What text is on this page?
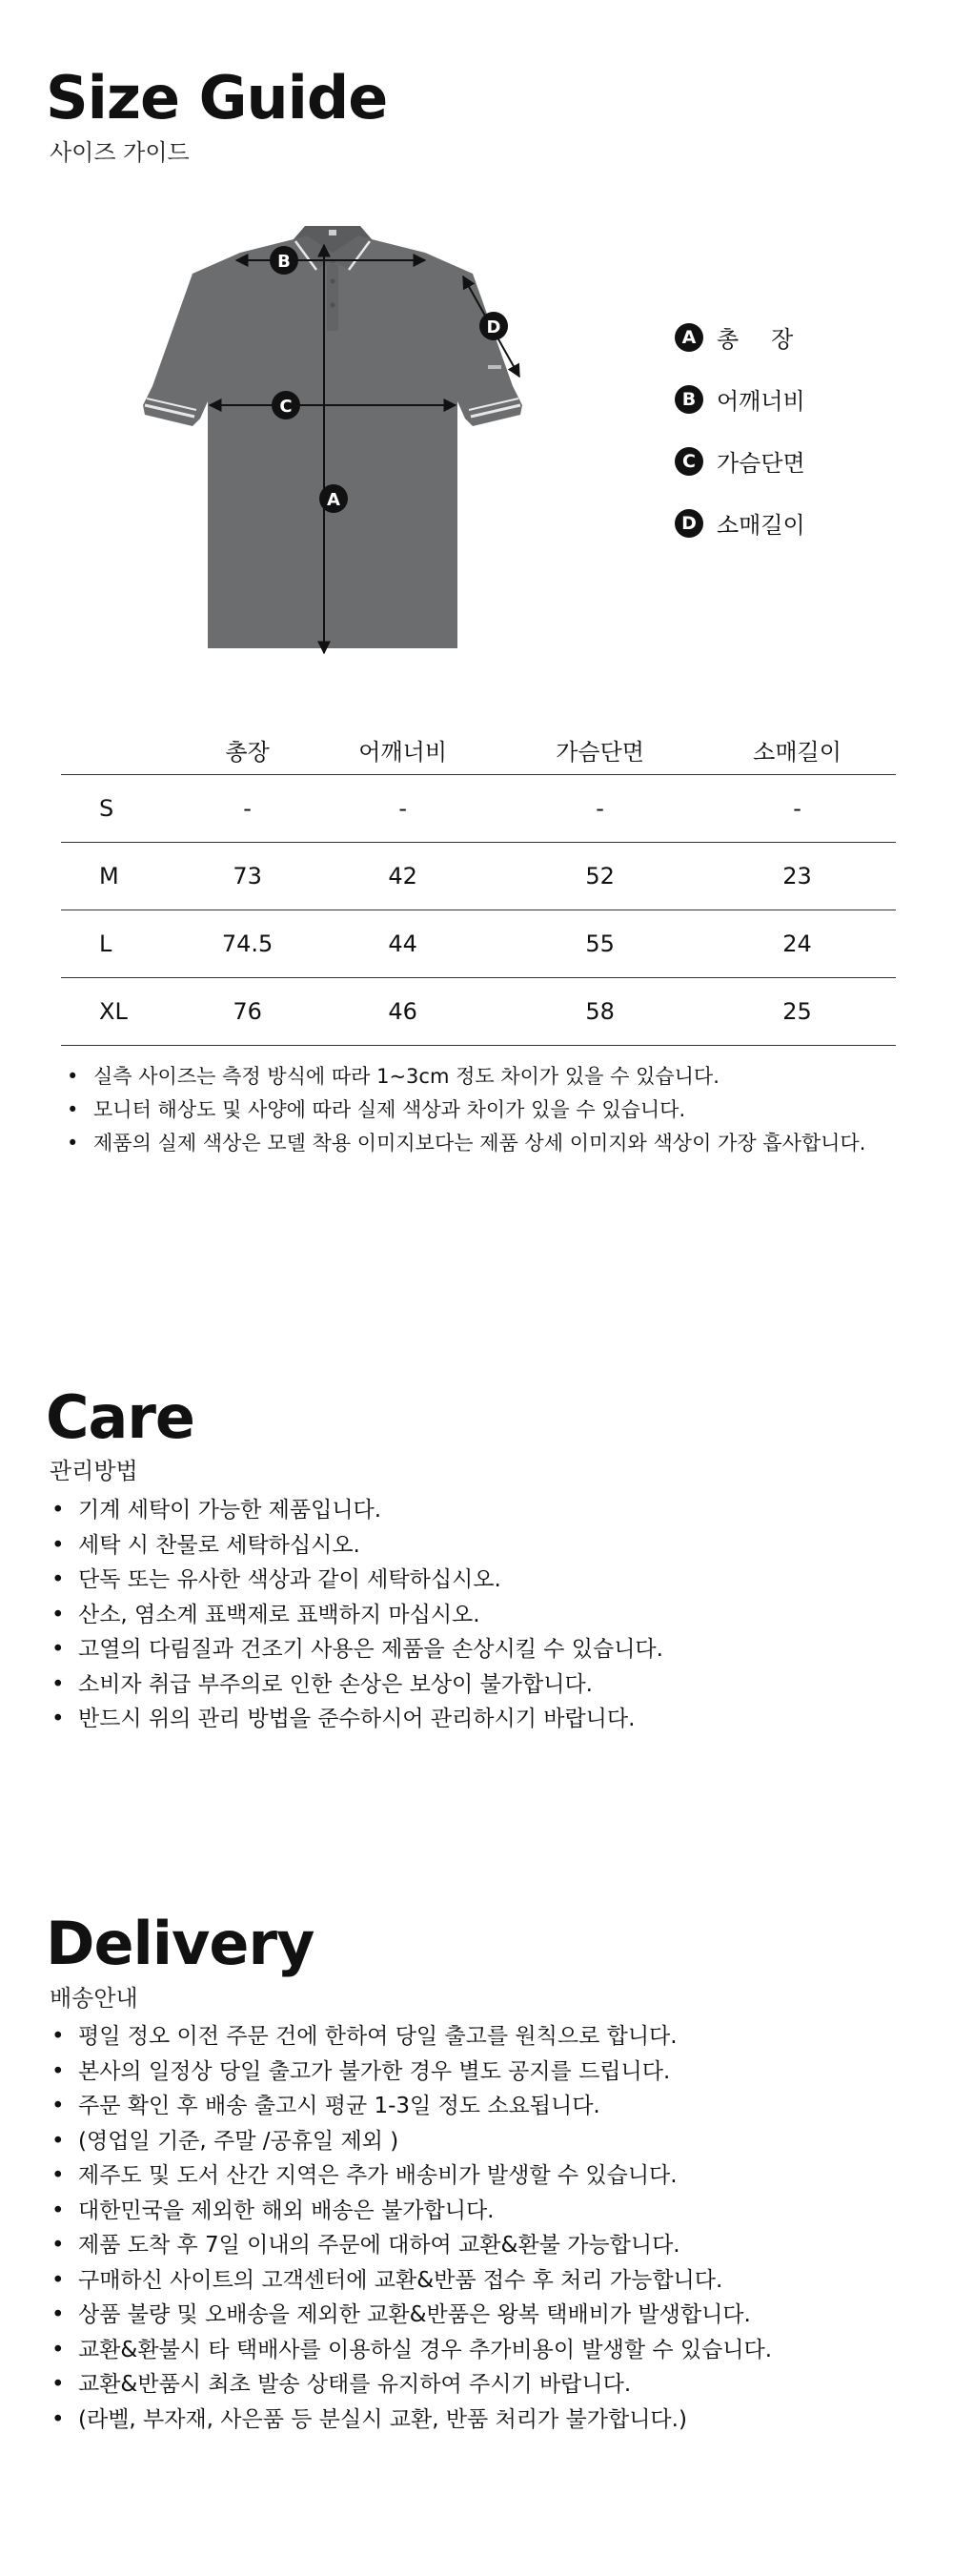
Size Guide
사이즈 가이드
A
B
C
D	A 총장
B 어깨너비
C 가슴단면
D 소매길이
	총장	어깨너비	가슴단면	소매길이
S	-	-	-	-
M	73	42	52	23
L	74.5	44	55	24
XL	76	46	58	25
• 실측 사이즈는 측정 방식에 따라 1~3cm 정도 차이가 있을 수 있습니다.
• 모니터 해상도 및 사양에 따라 실제 색상과 차이가 있을 수 있습니다.
• 제품의 실제 색상은 모델 착용 이미지보다는 제품 상세 이미지와 색상이 가장 흡사합니다.
Care
관리방법
• 기계 세탁이 가능한 제품입니다.
• 세탁 시 찬물로 세탁하십시오.
• 단독 또는 유사한 색상과 같이 세탁하십시오.
• 산소, 염소계 표백제로 표백하지 마십시오.
• 고열의 다림질과 건조기 사용은 제품을 손상시킬 수 있습니다.
• 소비자 취급 부주의로 인한 손상은 보상이 불가합니다.
• 반드시 위의 관리 방법을 준수하시어 관리하시기 바랍니다.
Delivery
배송안내
• 평일 정오 이전 주문 건에 한하여 당일 출고를 원칙으로 합니다.
• 본사의 일정상 당일 출고가 불가한 경우 별도 공지를 드립니다.
• 주문 확인 후 배송 출고시 평균 1-3일 정도 소요됩니다.
• (영업일 기준, 주말 /공휴일 제외 )
• 제주도 및 도서 산간 지역은 추가 배송비가 발생할 수 있습니다.
• 대한민국을 제외한 해외 배송은 불가합니다.
• 제품 도착 후 7일 이내의 주문에 대하여 교환&환불 가능합니다.
• 구매하신 사이트의 고객센터에 교환&반품 접수 후 처리 가능합니다.
• 상품 불량 및 오배송을 제외한 교환&반품은 왕복 택배비가 발생합니다.
• 교환&환불시 타 택배사를 이용하실 경우 추가비용이 발생할 수 있습니다.
• 교환&반품시 최초 발송 상태를 유지하여 주시기 바랍니다.
• (라벨, 부자재, 사은품 등 분실시 교환, 반품 처리가 불가합니다.)
